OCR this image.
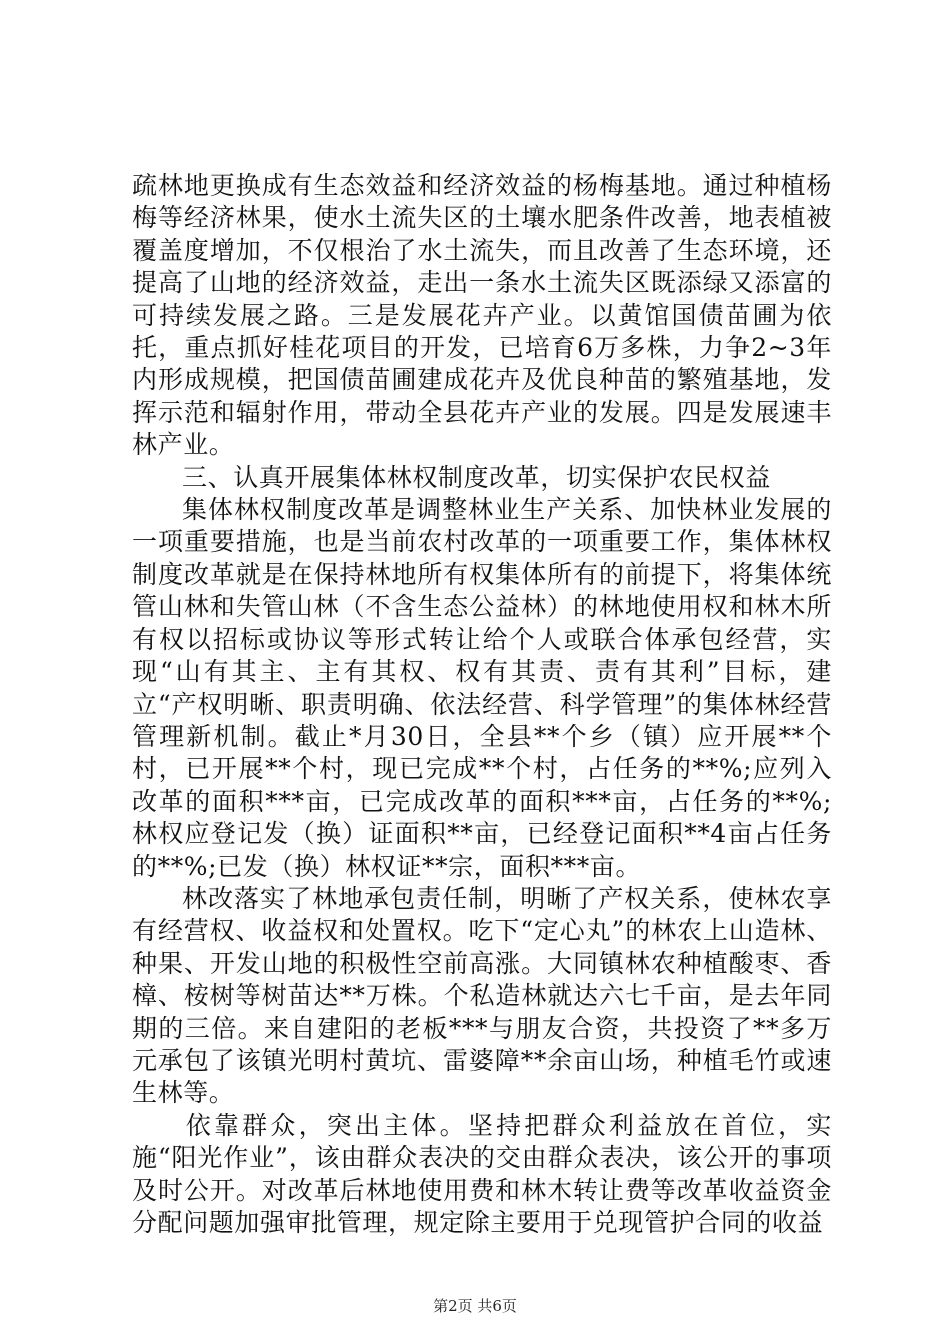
疏林地更换成有生态效益和经济效益的杨梅基地。通过种植杨梅等经济林果，使水土流失区的土壤水肥条件改善，地表植被覆盖度增加，不仅根治了水土流失，而且改善了生态环境，还提高了山地的经济效益，走出一条水土流失区既添绿又添富的可持续发展之路。三是发展花卉产业。以黄馆国债苗圃为依托，重点抓好桂花项目的开发，已培育6万多株，力争2~3年内形成规模，把国债苗圃建成花卉及优良种苗的繁殖基地，发挥示范和辐射作用，带动全县花卉产业的发展。四是发展速丰林产业。

三、认真开展集体林权制度改革，切实保护农民权益

集体林权制度改革是调整林业生产关系、加快林业发展的一项重要措施，也是当前农村改革的一项重要工作，集体林权制度改革就是在保持林地所有权集体所有的前提下，将集体统管山林和失管山林（不含生态公益林）的林地使用权和林木所有权以招标或协议等形式转让给个人或联合体承包经营，实现“山有其主、主有其权、权有其责、责有其利”目标，建立“产权明晰、职责明确、依法经营、科学管理”的集体林经营管理新机制。截止*月30日，全县**个乡（镇）应开展**个村，已开展**个村，现已完成**个村，占任务的**%;应列入改革的面积***亩，已完成改革的面积***亩，占任务的**%; 林权应登记发（换）证面积**亩，已经登记面积**4亩占任务的**%;已发（换）林权证**宗，面积***亩。

林改落实了林地承包责任制，明晰了产权关系，使林农享有经营权、收益权和处置权。吃下“定心丸”的林农上山造林、种果、开发山地的积极性空前高涨。大同镇林农种植酸枣、香樟、桉树等树苗达**万株。个私造林就达六七千亩，是去年同期的三倍。来自建阳的老板***与朋友合资，共投资了**多万元承包了该镇光明村黄坑、雷婆障**余亩山场，种植毛竹或速生林等。

依靠群众，突出主体。坚持把群众利益放在首位，实施“阳光作业”，该由群众表决的交由群众表决，该公开的事项及时公开。对改革后林地使用费和林木转让费等改革收益资金分配问题加强审批管理，规定除主要用于兑现管护合同的收益

第2页 共6页
